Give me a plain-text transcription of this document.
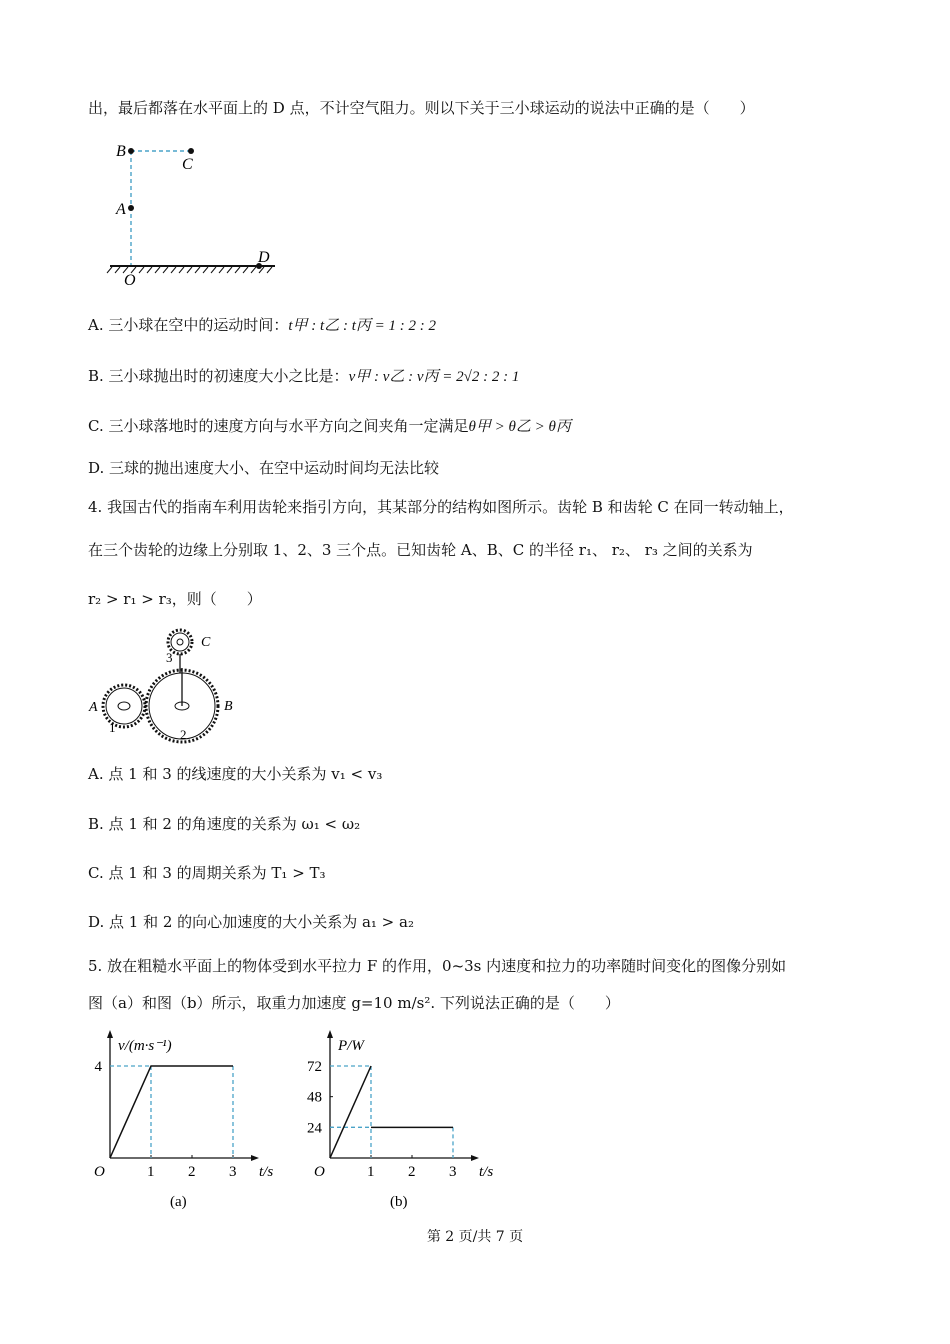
出，最后都落在水平面上的 D 点，不计空气阻力。则以下关于三小球运动的说法中正确的是（　　）
B
C
A
D
O
A. 三小球在空中的运动时间：t甲 : t乙 : t丙 = 1 : 2 : 2
B. 三小球抛出时的初速度大小之比是：v甲 : v乙 : v丙 = 2√2 : 2 : 1
C. 三小球落地时的速度方向与水平方向之间夹角一定满足θ甲 > θ乙 > θ丙
D. 三球的抛出速度大小、在空中运动时间均无法比较
4. 我国古代的指南车利用齿轮来指引方向，其某部分的结构如图所示。齿轮 B 和齿轮 C 在同一转动轴上，
在三个齿轮的边缘上分别取 1、2、3 三个点。已知齿轮 A、B、C 的半径 r₁、 r₂、 r₃ 之间的关系为
r₂ > r₁ > r₃，则（　　）
A	B
C
1	2
3
A. 点 1 和 3 的线速度的大小关系为 v₁ < v₃
B. 点 1 和 2 的角速度的关系为 ω₁ < ω₂
C. 点 1 和 3 的周期关系为 T₁ > T₃
D. 点 1 和 2 的向心加速度的大小关系为 a₁ > a₂
5. 放在粗糙水平面上的物体受到水平拉力 F 的作用，0~3s 内速度和拉力的功率随时间变化的图像分别如
图（a）和图（b）所示，取重力加速度 g=10 m/s². 下列说法正确的是（　　）
v/(m·s⁻¹)
t/s
O	1 2 3
4
(a)
P/W
t/s
O	1 2 3
24
48
72
(b)
第 2 页/共 7 页
